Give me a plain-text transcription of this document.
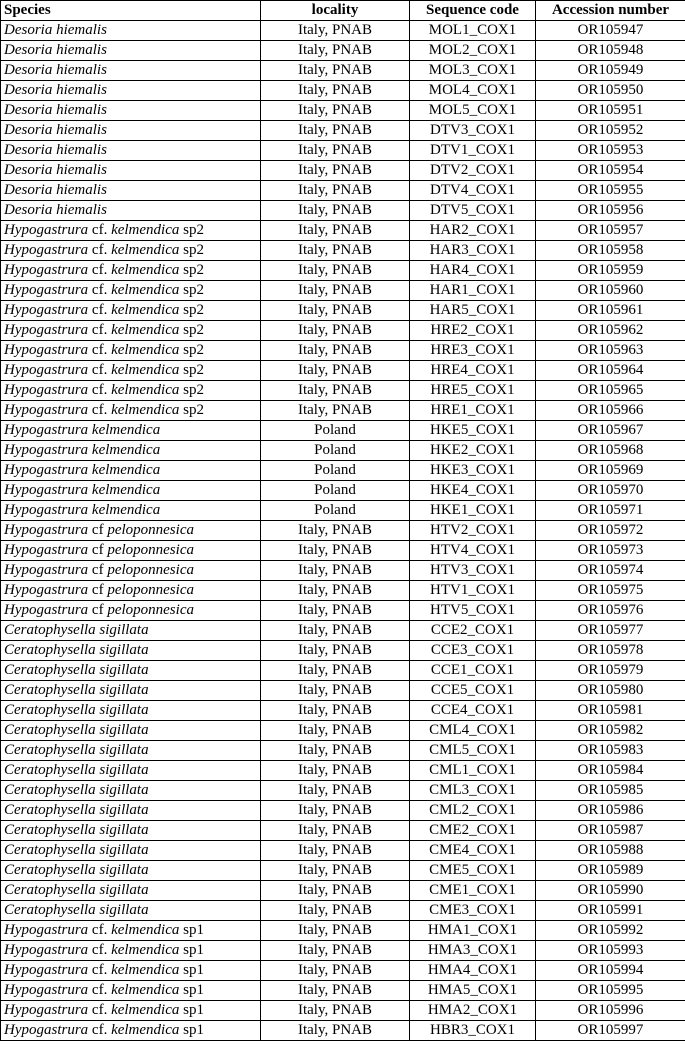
Species	locality	Sequence code	Accession number
Desoria hiemalis	Italy, PNAB	MOL1_COX1	OR105947
Desoria hiemalis	Italy, PNAB	MOL2_COX1	OR105948
Desoria hiemalis	Italy, PNAB	MOL3_COX1	OR105949
Desoria hiemalis	Italy, PNAB	MOL4_COX1	OR105950
Desoria hiemalis	Italy, PNAB	MOL5_COX1	OR105951
Desoria hiemalis	Italy, PNAB	DTV3_COX1	OR105952
Desoria hiemalis	Italy, PNAB	DTV1_COX1	OR105953
Desoria hiemalis	Italy, PNAB	DTV2_COX1	OR105954
Desoria hiemalis	Italy, PNAB	DTV4_COX1	OR105955
Desoria hiemalis	Italy, PNAB	DTV5_COX1	OR105956
Hypogastrura cf. kelmendica sp2	Italy, PNAB	HAR2_COX1	OR105957
Hypogastrura cf. kelmendica sp2	Italy, PNAB	HAR3_COX1	OR105958
Hypogastrura cf. kelmendica sp2	Italy, PNAB	HAR4_COX1	OR105959
Hypogastrura cf. kelmendica sp2	Italy, PNAB	HAR1_COX1	OR105960
Hypogastrura cf. kelmendica sp2	Italy, PNAB	HAR5_COX1	OR105961
Hypogastrura cf. kelmendica sp2	Italy, PNAB	HRE2_COX1	OR105962
Hypogastrura cf. kelmendica sp2	Italy, PNAB	HRE3_COX1	OR105963
Hypogastrura cf. kelmendica sp2	Italy, PNAB	HRE4_COX1	OR105964
Hypogastrura cf. kelmendica sp2	Italy, PNAB	HRE5_COX1	OR105965
Hypogastrura cf. kelmendica sp2	Italy, PNAB	HRE1_COX1	OR105966
Hypogastrura kelmendica	Poland	HKE5_COX1	OR105967
Hypogastrura kelmendica	Poland	HKE2_COX1	OR105968
Hypogastrura kelmendica	Poland	HKE3_COX1	OR105969
Hypogastrura kelmendica	Poland	HKE4_COX1	OR105970
Hypogastrura kelmendica	Poland	HKE1_COX1	OR105971
Hypogastrura cf peloponnesica	Italy, PNAB	HTV2_COX1	OR105972
Hypogastrura cf peloponnesica	Italy, PNAB	HTV4_COX1	OR105973
Hypogastrura cf peloponnesica	Italy, PNAB	HTV3_COX1	OR105974
Hypogastrura cf peloponnesica	Italy, PNAB	HTV1_COX1	OR105975
Hypogastrura cf peloponnesica	Italy, PNAB	HTV5_COX1	OR105976
Ceratophysella sigillata	Italy, PNAB	CCE2_COX1	OR105977
Ceratophysella sigillata	Italy, PNAB	CCE3_COX1	OR105978
Ceratophysella sigillata	Italy, PNAB	CCE1_COX1	OR105979
Ceratophysella sigillata	Italy, PNAB	CCE5_COX1	OR105980
Ceratophysella sigillata	Italy, PNAB	CCE4_COX1	OR105981
Ceratophysella sigillata	Italy, PNAB	CML4_COX1	OR105982
Ceratophysella sigillata	Italy, PNAB	CML5_COX1	OR105983
Ceratophysella sigillata	Italy, PNAB	CML1_COX1	OR105984
Ceratophysella sigillata	Italy, PNAB	CML3_COX1	OR105985
Ceratophysella sigillata	Italy, PNAB	CML2_COX1	OR105986
Ceratophysella sigillata	Italy, PNAB	CME2_COX1	OR105987
Ceratophysella sigillata	Italy, PNAB	CME4_COX1	OR105988
Ceratophysella sigillata	Italy, PNAB	CME5_COX1	OR105989
Ceratophysella sigillata	Italy, PNAB	CME1_COX1	OR105990
Ceratophysella sigillata	Italy, PNAB	CME3_COX1	OR105991
Hypogastrura cf. kelmendica sp1	Italy, PNAB	HMA1_COX1	OR105992
Hypogastrura cf. kelmendica sp1	Italy, PNAB	HMA3_COX1	OR105993
Hypogastrura cf. kelmendica sp1	Italy, PNAB	HMA4_COX1	OR105994
Hypogastrura cf. kelmendica sp1	Italy, PNAB	HMA5_COX1	OR105995
Hypogastrura cf. kelmendica sp1	Italy, PNAB	HMA2_COX1	OR105996
Hypogastrura cf. kelmendica sp1	Italy, PNAB	HBR3_COX1	OR105997
